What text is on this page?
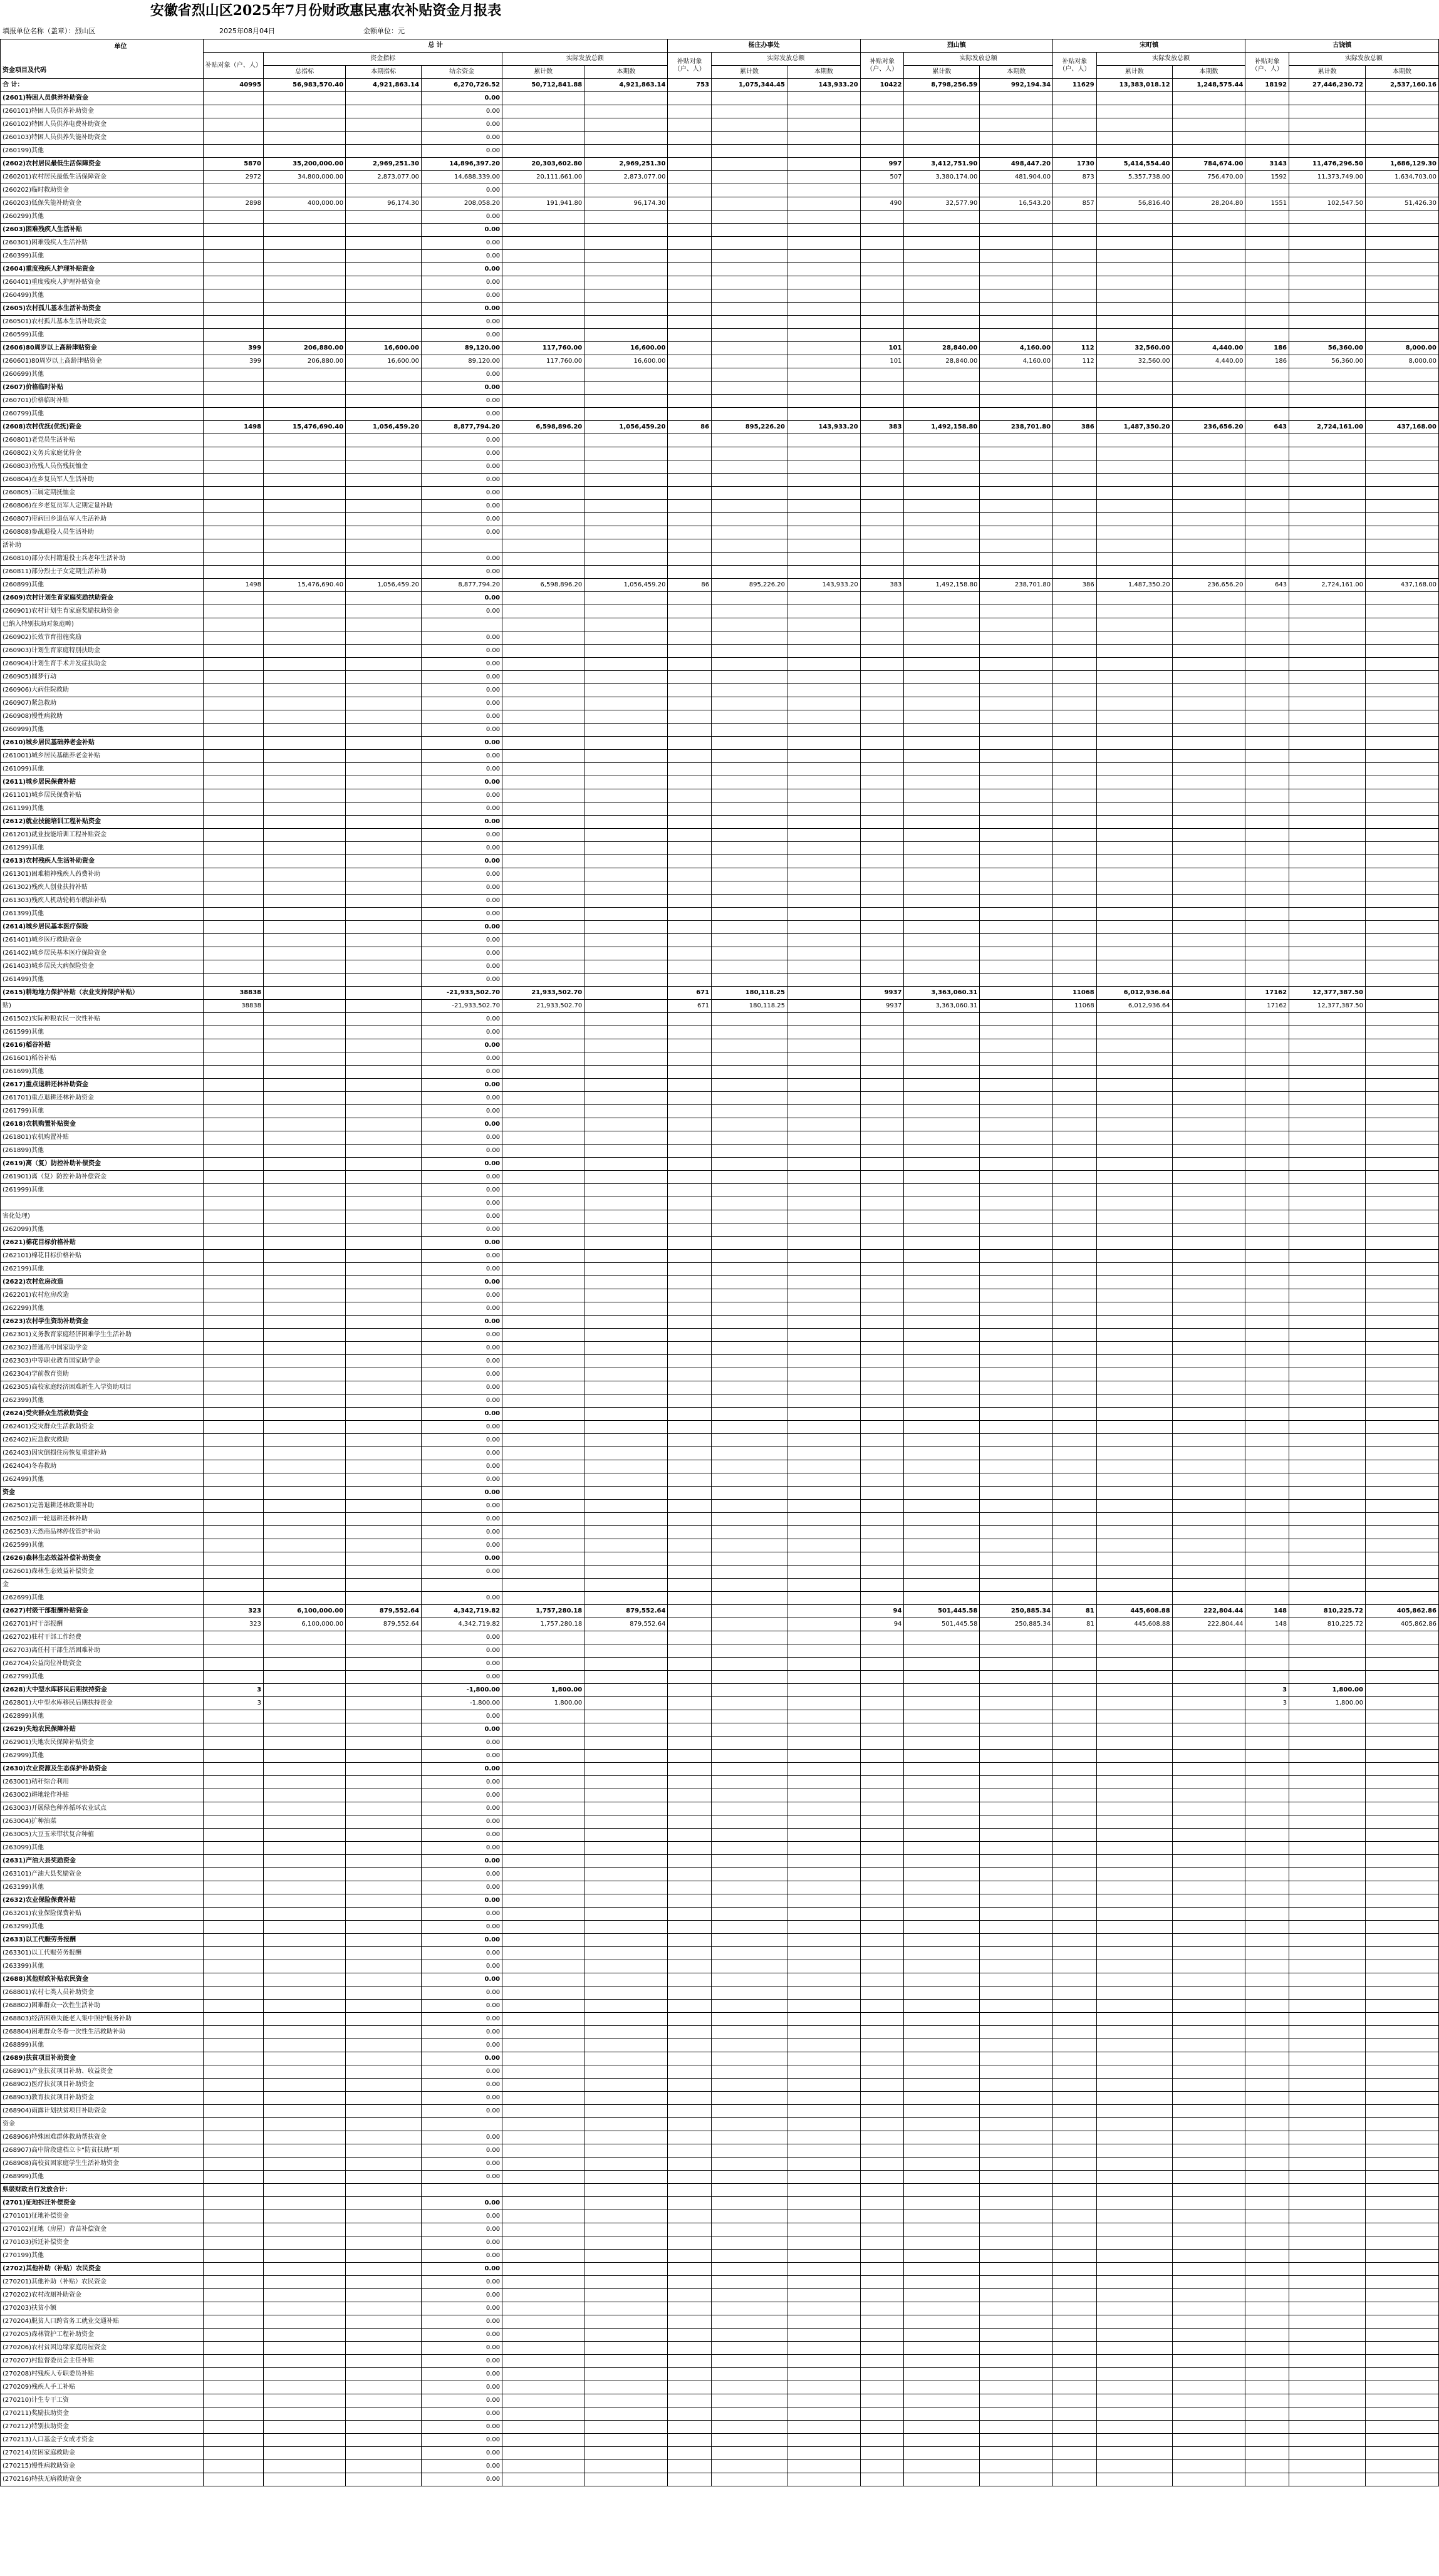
安徽省烈山区2025年7月份财政惠民惠农补贴资金月报表
填报单位名称（盖章）：烈山区	2025年08月04日	金额单位：元
单位
资金项目及代码	总 计						杨庄办事处			烈山镇			宋町镇			古饶镇		
	补贴对象（户、人）	资金指标			实际发放总额		补贴对象（户、人）	实际发放总额		补贴对象（户、人）	实际发放总额		补贴对象（户、人）	实际发放总额		补贴对象（户、人）	实际发放总额	
		总指标	本期指标	结余资金	累计数	本期数		累计数	本期数		累计数	本期数		累计数	本期数		累计数	本期数
合 计：	40995	56,983,570.40	4,921,863.14	6,270,726.52	50,712,841.88	4,921,863.14	753	1,075,344.45	143,933.20	10422	8,798,256.59	992,194.34	11629	13,383,018.12	1,248,575.44	18192	27,446,230.72	2,537,160.16
(2601)特困人员供养补助资金				0.00														
(260101)特困人员供养补助资金				0.00														
(260102)特困人员供养电费补助资金				0.00														
(260103)特困人员供养失能补助资金				0.00														
(260199)其他				0.00														
(2602)农村居民最低生活保障资金	5870	35,200,000.00	2,969,251.30	14,896,397.20	20,303,602.80	2,969,251.30				997	3,412,751.90	498,447.20	1730	5,414,554.40	784,674.00	3143	11,476,296.50	1,686,129.30
(260201)农村居民最低生活保障资金	2972	34,800,000.00	2,873,077.00	14,688,339.00	20,111,661.00	2,873,077.00				507	3,380,174.00	481,904.00	873	5,357,738.00	756,470.00	1592	11,373,749.00	1,634,703.00
(260202)临时救助资金				0.00														
(260203)低保失能补助资金	2898	400,000.00	96,174.30	208,058.20	191,941.80	96,174.30				490	32,577.90	16,543.20	857	56,816.40	28,204.80	1551	102,547.50	51,426.30
(260299)其他				0.00														
(2603)困难残疾人生活补贴				0.00														
(260301)困难残疾人生活补贴				0.00														
(260399)其他				0.00														
(2604)重度残疾人护理补贴资金				0.00														
(260401)重度残疾人护理补贴资金				0.00														
(260499)其他				0.00														
(2605)农村孤儿基本生活补助资金				0.00														
(260501)农村孤儿基本生活补助资金				0.00														
(260599)其他				0.00														
(2606)80周岁以上高龄津贴资金	399	206,880.00	16,600.00	89,120.00	117,760.00	16,600.00				101	28,840.00	4,160.00	112	32,560.00	4,440.00	186	56,360.00	8,000.00
(260601)80周岁以上高龄津贴资金	399	206,880.00	16,600.00	89,120.00	117,760.00	16,600.00				101	28,840.00	4,160.00	112	32,560.00	4,440.00	186	56,360.00	8,000.00
(260699)其他				0.00														
(2607)价格临时补贴				0.00														
(260701)价格临时补贴				0.00														
(260799)其他				0.00														
(2608)农村优抚(优抚)资金	1498	15,476,690.40	1,056,459.20	8,877,794.20	6,598,896.20	1,056,459.20	86	895,226.20	143,933.20	383	1,492,158.80	238,701.80	386	1,487,350.20	236,656.20	643	2,724,161.00	437,168.00
(260801)老党员生活补贴				0.00														
(260802)义务兵家庭优待金				0.00														
(260803)伤残人员伤残抚恤金				0.00														
(260804)在乡复员军人生活补助				0.00														
(260805)三属定期抚恤金				0.00														
(260806)在乡老复员军人定期定量补助				0.00														
(260807)带病回乡退伍军人生活补助				0.00														
(260808)参战退役人员生活补助				0.00														
活补助																		
(260810)部分农村籍退役士兵老年生活补助				0.00														
(260811)部分烈士子女定期生活补助				0.00														
(260899)其他	1498	15,476,690.40	1,056,459.20	8,877,794.20	6,598,896.20	1,056,459.20	86	895,226.20	143,933.20	383	1,492,158.80	238,701.80	386	1,487,350.20	236,656.20	643	2,724,161.00	437,168.00
(2609)农村计划生育家庭奖励扶助资金				0.00														
(260901)农村计划生育家庭奖励扶助资金				0.00														
已纳入特别扶助对象范畴)																		
(260902)长效节育措施奖励				0.00														
(260903)计划生育家庭特别扶助金				0.00														
(260904)计划生育手术并发症扶助金				0.00														
(260905)圆梦行动				0.00														
(260906)大病住院救助				0.00														
(260907)紧急救助				0.00														
(260908)慢性病救助				0.00														
(260999)其他				0.00														
(2610)城乡居民基础养老金补贴				0.00														
(261001)城乡居民基础养老金补贴				0.00														
(261099)其他				0.00														
(2611)城乡居民保费补贴				0.00														
(261101)城乡居民保费补贴				0.00														
(261199)其他				0.00														
(2612)就业技能培训工程补贴资金				0.00														
(261201)就业技能培训工程补贴资金				0.00														
(261299)其他				0.00														
(2613)农村残疾人生活补助资金				0.00														
(261301)困难精神残疾人药费补助				0.00														
(261302)残疾人创业扶持补贴				0.00														
(261303)残疾人机动轮椅车燃油补贴				0.00														
(261399)其他				0.00														
(2614)城乡居民基本医疗保险				0.00														
(261401)城乡医疗救助资金				0.00														
(261402)城乡居民基本医疗保险资金				0.00														
(261403)城乡居民大病保险资金				0.00														
(261499)其他				0.00														
(2615)耕地地力保护补贴（农业支持保护补贴）	38838			-21,933,502.70	21,933,502.70		671	180,118.25		9937	3,363,060.31		11068	6,012,936.64		17162	12,377,387.50	
贴)	38838			-21,933,502.70	21,933,502.70		671	180,118.25		9937	3,363,060.31		11068	6,012,936.64		17162	12,377,387.50	
(261502)实际种粮农民一次性补贴				0.00														
(261599)其他				0.00														
(2616)稻谷补贴				0.00														
(261601)稻谷补贴				0.00														
(261699)其他				0.00														
(2617)重点退耕还林补助资金				0.00														
(261701)重点退耕还林补助资金				0.00														
(261799)其他				0.00														
(2618)农机购置补贴资金				0.00														
(261801)农机购置补贴				0.00														
(261899)其他				0.00														
(2619)离（复）防控补助补偿资金				0.00														
(261901)离（复）防控补助补偿资金				0.00														
(261999)其他				0.00														
				0.00														
害化处理)				0.00														
(262099)其他				0.00														
(2621)棉花目标价格补贴				0.00														
(262101)棉花目标价格补贴				0.00														
(262199)其他				0.00														
(2622)农村危房改造				0.00														
(262201)农村危房改造				0.00														
(262299)其他				0.00														
(2623)农村学生资助补助资金				0.00														
(262301)义务教育家庭经济困难学生生活补助				0.00														
(262302)普通高中国家助学金				0.00														
(262303)中等职业教育国家助学金				0.00														
(262304)学前教育资助				0.00														
(262305)高校家庭经济困难新生入学资助项目				0.00														
(262399)其他				0.00														
(2624)受灾群众生活救助资金				0.00														
(262401)受灾群众生活救助资金				0.00														
(262402)应急救灾救助				0.00														
(262403)因灾倒损住房恢复重建补助				0.00														
(262404)冬春救助				0.00														
(262499)其他				0.00														
资金				0.00														
(262501)完善退耕还林政策补助				0.00														
(262502)新一轮退耕还林补助				0.00														
(262503)天然商品林停伐管护补助				0.00														
(262599)其他				0.00														
(2626)森林生态效益补偿补助资金				0.00														
(262601)森林生态效益补偿资金				0.00														
金																		
(262699)其他				0.00														
(2627)村级干部报酬补贴资金	323	6,100,000.00	879,552.64	4,342,719.82	1,757,280.18	879,552.64				94	501,445.58	250,885.34	81	445,608.88	222,804.44	148	810,225.72	405,862.86
(262701)村干部报酬	323	6,100,000.00	879,552.64	4,342,719.82	1,757,280.18	879,552.64				94	501,445.58	250,885.34	81	445,608.88	222,804.44	148	810,225.72	405,862.86
(262702)驻村干部工作经费				0.00														
(262703)离任村干部生活困难补助				0.00														
(262704)公益岗位补助资金				0.00														
(262799)其他				0.00														
(2628)大中型水库移民后期扶持资金	3			-1,800.00	1,800.00											3	1,800.00	
(262801)大中型水库移民后期扶持资金	3			-1,800.00	1,800.00											3	1,800.00	
(262899)其他				0.00														
(2629)失地农民保障补贴				0.00														
(262901)失地农民保障补贴资金				0.00														
(262999)其他				0.00														
(2630)农业资源及生态保护补助资金				0.00														
(263001)秸秆综合利用				0.00														
(263002)耕地轮作补贴				0.00														
(263003)开展绿色种养循环农业试点				0.00														
(263004)扩种油菜				0.00														
(263005)大豆玉米带状复合种植				0.00														
(263099)其他				0.00														
(2631)产油大县奖励资金				0.00														
(263101)产油大县奖励资金				0.00														
(263199)其他				0.00														
(2632)农业保险保费补贴				0.00														
(263201)农业保险保费补贴				0.00														
(263299)其他				0.00														
(2633)以工代赈劳务报酬				0.00														
(263301)以工代赈劳务报酬				0.00														
(263399)其他				0.00														
(2688)其他财政补贴农民资金				0.00														
(268801)农村七类人员补助资金				0.00														
(268802)困难群众一次性生活补助				0.00														
(268803)经济困难失能老人集中照护服务补助				0.00														
(268804)困难群众冬春一次性生活救助补助				0.00														
(268899)其他				0.00														
(2689)扶贫项目补助资金				0.00														
(268901)产业扶贫项目补助、收益资金				0.00														
(268902)医疗扶贫项目补助资金				0.00														
(268903)教育扶贫项目补助资金				0.00														
(268904)雨露计划扶贫项目补助资金				0.00														
资金																		
(268906)特殊困难群体救助帮扶资金				0.00														
(268907)高中阶段建档立卡“防贫扶助”项				0.00														
(268908)高校贫困家庭学生生活补助资金				0.00														
(268999)其他				0.00														
県级财政自行发放合计：																		
(2701)征地拆迁补偿资金				0.00														
(270101)征地补偿资金				0.00														
(270102)征地（房屋）青苗补偿资金				0.00														
(270103)拆迁补偿资金				0.00														
(270199)其他				0.00														
(2702)其他补助（补贴）农民资金				0.00														
(270201)其他补助（补贴）农民资金				0.00														
(270202)农村改厕补助资金				0.00														
(270203)扶贫小额				0.00														
(270204)脱贫人口跨省务工就业交通补贴				0.00														
(270205)森林管护工程补助资金				0.00														
(270206)农村贫困边缘家庭房屋资金				0.00														
(270207)村监督委员会主任补贴				0.00														
(270208)村残疾人专职委员补贴				0.00														
(270209)残疾人手工补贴				0.00														
(270210)计生专干工资				0.00														
(270211)奖励扶助资金				0.00														
(270212)特别扶助资金				0.00														
(270213)人口基金子女成才资金				0.00														
(270214)贫困家庭救助金				0.00														
(270215)慢性病救助资金				0.00														
(270216)特扶无病救助资金				0.00														
